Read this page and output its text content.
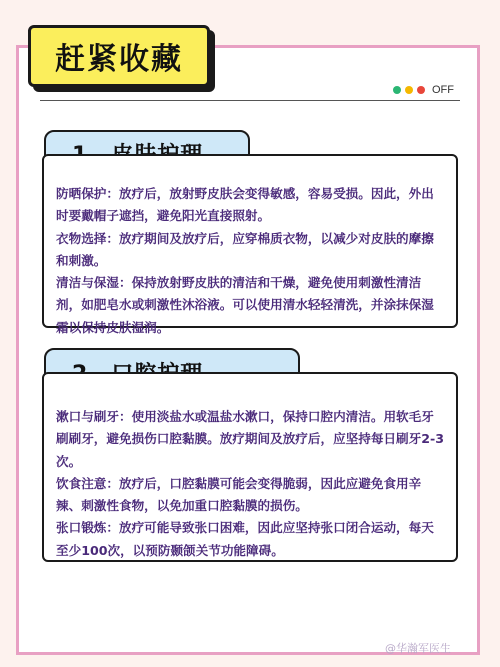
赶紧收藏
OFF

防晒保护：放疗后，放射野皮肤会变得敏感，容易受损。因此，外出时要戴帽子遮挡，避免阳光直接照射。

衣物选择：放疗期间及放疗后，应穿棉质衣物，以减少对皮肤的摩擦和刺激。

清洁与保湿：保持放射野皮肤的清洁和干燥，避免使用刺激性清洁剂，如肥皂水或刺激性沐浴液。可以使用清水轻轻清洗，并涂抹保湿霜以保持皮肤湿润。

漱口与刷牙：使用淡盐水或温盐水漱口，保持口腔内清洁。用软毛牙刷刷牙，避免损伤口腔黏膜。放疗期间及放疗后，应坚持每日刷牙2-3次。

饮食注意：放疗后，口腔黏膜可能会变得脆弱，因此应避免食用辛辣、刺激性食物，以免加重口腔黏膜的损伤。

张口锻炼：放疗可能导致张口困难，因此应坚持张口闭合运动，每天至少100次，以预防颞颌关节功能障碍。

@华瀚军医生
